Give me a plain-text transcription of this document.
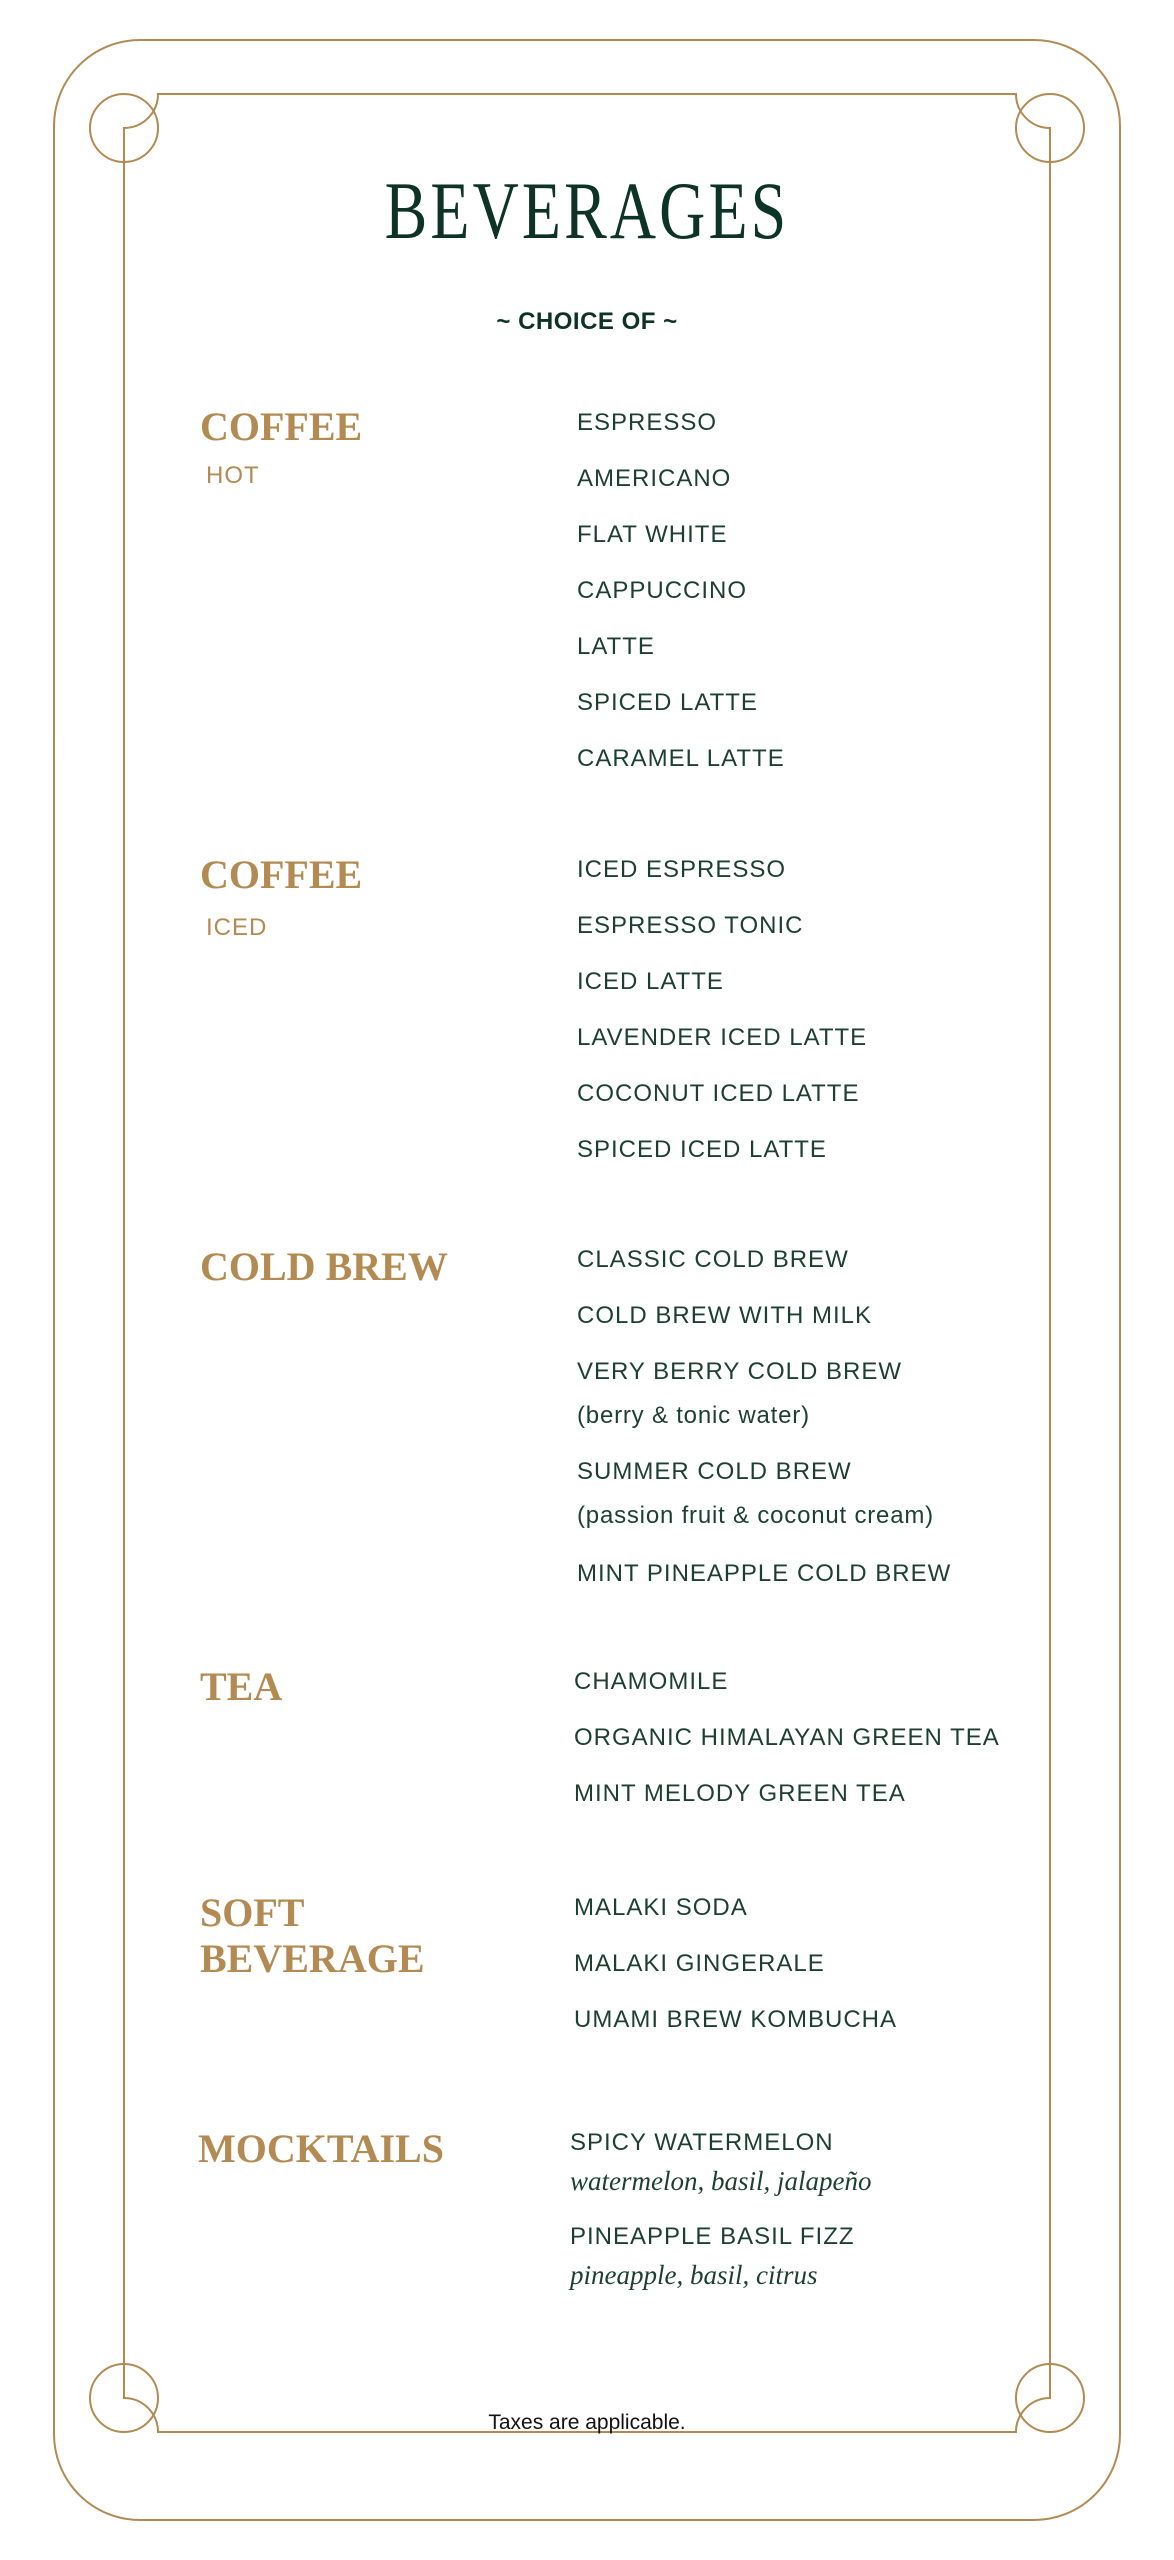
BEVERAGES
~ CHOICE OF ~
COFFEE
HOT
ESPRESSO
AMERICANO
FLAT WHITE
CAPPUCCINO
LATTE
SPICED LATTE
CARAMEL LATTE
COFFEE
ICED
ICED ESPRESSO
ESPRESSO TONIC
ICED LATTE
LAVENDER ICED LATTE
COCONUT ICED LATTE
SPICED ICED LATTE
COLD BREW	CLASSIC COLD BREW
COLD BREW WITH MILK
VERY BERRY COLD BREW
(berry & tonic water)
SUMMER COLD BREW
(passion fruit & coconut cream)
MINT PINEAPPLE COLD BREW
TEA	CHAMOMILE
ORGANIC HIMALAYAN GREEN TEA
MINT MELODY GREEN TEA
SOFT
BEVERAGE
MALAKI SODA
MALAKI GINGERALE
UMAMI BREW KOMBUCHA
MOCKTAILS	SPICY WATERMELON
watermelon, basil, jalapeño
PINEAPPLE BASIL FIZZ
pineapple, basil, citrus
Taxes are applicable.
